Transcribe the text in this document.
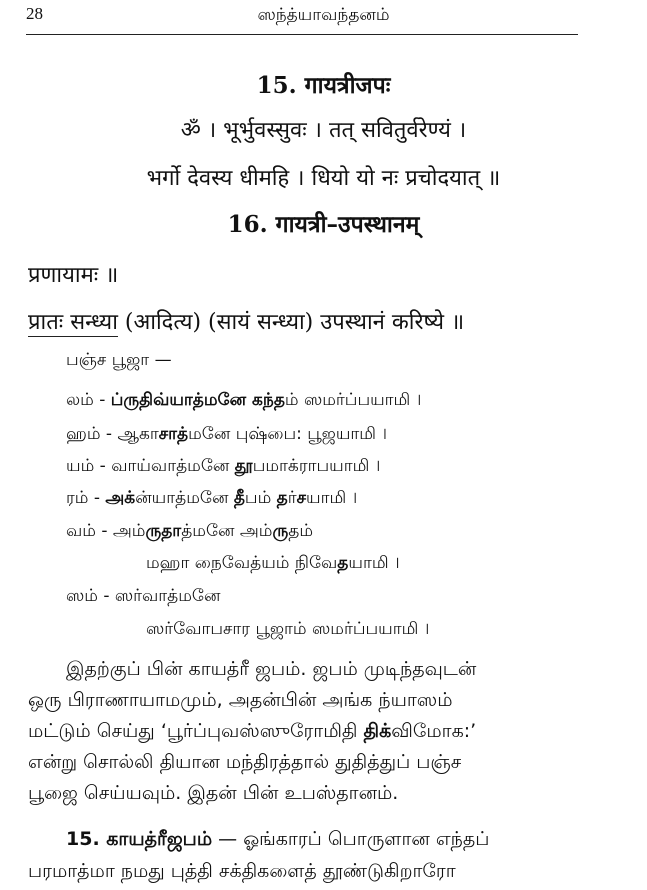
28	ஸந்த்யாவந்தனம்
15. गायत्रीजपः
ॐ । भूर्भुवस्सुवः । तत् सवितुर्वरेण्यं ।
भर्गो देवस्य धीमहि । धियो यो नः प्रचोदयात् ॥
16. गायत्री–उपस्थानम्
प्रणायामः ॥
प्रातः सन्ध्या (आदित्य) (सायं सन्ध्या) उपस्थानं करिष्ये ॥
பஞ்ச பூஜா —
லம் - ப்ருதிவ்யாத்மனே கந்தம் ஸமர்ப்பயாமி ।
ஹம் - ஆகாசாத்மனே புஷ்பை: பூஜயாமி ।
யம் - வாய்வாத்மனே தூபமாக்ராபயாமி ।
ரம் - அக்ன்யாத்மனே தீபம் தர்சயாமி ।
வம் - அம்ருதாத்மனே அம்ருதம்
மஹா நைவேத்யம் நிவேதயாமி ।
ஸம் - ஸர்வாத்மனே
ஸர்வோபசார பூஜாம் ஸமர்ப்பயாமி ।
இதற்குப் பின் காயத்ரீ ஜபம். ஜபம் முடிந்தவுடன்
ஒரு பிராணாயாமமும், அதன்பின் அங்க ந்யாஸம்
மட்டும் செய்து ‘பூர்ப்புவஸ்ஸுரோமிதி திக்விமோக:’
என்று சொல்லி தியான மந்திரத்தால் துதித்துப் பஞ்ச
பூஜை செய்யவும். இதன் பின் உபஸ்தானம்.
15. காயத்ரீஜபம் — ஓங்காரப் பொருளான எந்தப்
பரமாத்மா நமது புத்தி சக்திகளைத் தூண்டுகிறாரோ
